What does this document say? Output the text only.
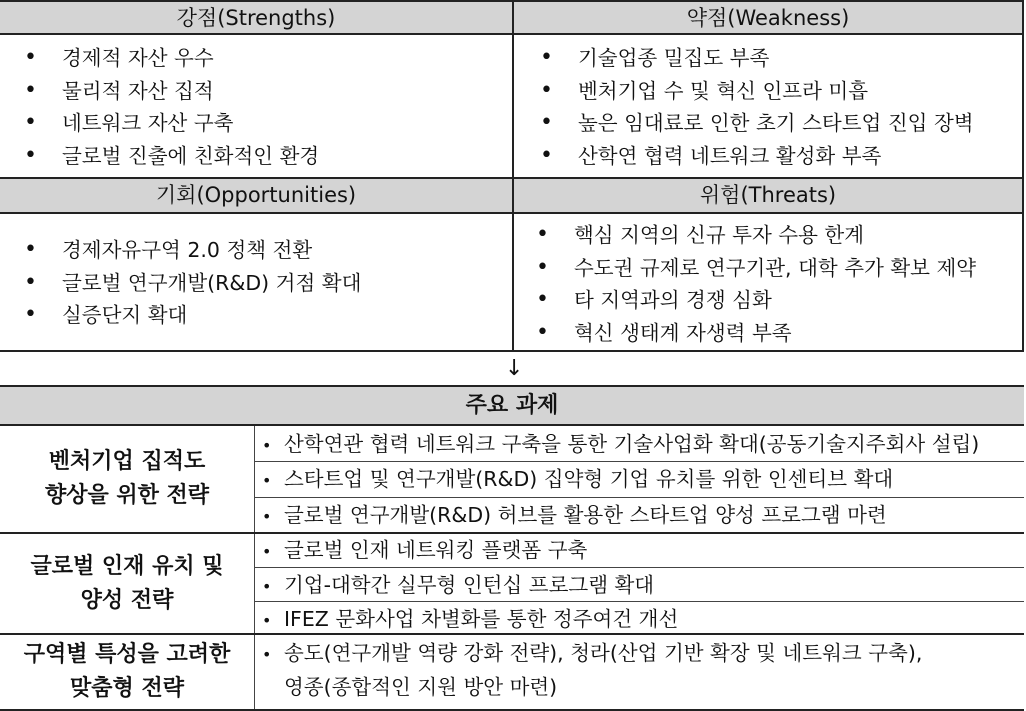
강점(Strengths)	약점(Weakness)
기회(Opportunities)	위험(Threats)
• 경제적 자산 우수
• 물리적 자산 집적
• 네트워크 자산 구축
• 글로벌 진출에 친화적인 환경
• 기술업종 밀집도 부족
• 벤처기업 수 및 혁신 인프라 미흡
• 높은 임대료로 인한 초기 스타트업 진입 장벽
• 산학연 협력 네트워크 활성화 부족
• 경제자유구역 2.0 정책 전환
• 글로벌 연구개발(R&D) 거점 확대
• 실증단지 확대
• 핵심 지역의 신규 투자 수용 한계
• 수도권 규제로 연구기관, 대학 추가 확보 제약
• 타 지역과의 경쟁 심화
• 혁신 생태계 자생력 부족
↓
주요 과제
벤처기업 집적도
향상을 위한 전략
글로벌 인재 유치 및
양성 전략
구역별 특성을 고려한
맞춤형 전략
• 산학연관 협력 네트워크 구축을 통한 기술사업화 확대(공동기술지주회사 설립)
• 스타트업 및 연구개발(R&D) 집약형 기업 유치를 위한 인센티브 확대
• 글로벌 연구개발(R&D) 허브를 활용한 스타트업 양성 프로그램 마련
• 글로벌 인재 네트워킹 플랫폼 구축
• 기업-대학간 실무형 인턴십 프로그램 확대
• IFEZ 문화사업 차별화를 통한 정주여건 개선
• 송도(연구개발 역량 강화 전략), 청라(산업 기반 확장 및 네트워크 구축),
영종(종합적인 지원 방안 마련)
